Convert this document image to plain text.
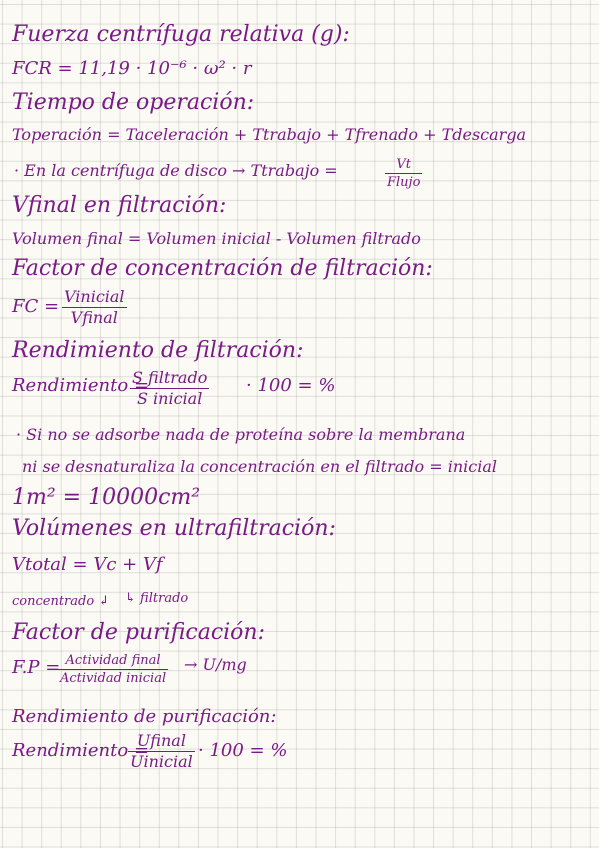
Fuerza centrífuga relativa (g):
FCR = 11,19 · 10⁻⁶ · ω² · r
Tiempo de operación:
Toperación = Taceleración + Ttrabajo + Tfrenado + Tdescarga
· En la centrífuga de disco → Ttrabajo =	Vt
Flujo
Vfinal en filtración:
Volumen final = Volumen inicial - Volumen filtrado
Factor de concentración de filtración:
FC = Vinicial
Vfinal
Rendimiento de filtración:
Rendimiento =
S filtrado
S inicial
· 100 = %
· Si no se adsorbe nada de proteína sobre la membrana
ni se desnaturaliza la concentración en el filtrado = inicial
1m² = 10000cm²
Volúmenes en ultrafiltración:
Vtotal = Vc + Vf
concentrado ↲ ↳ filtrado
Factor de purificación:
F.P = Actividad final
Actividad inicial
→ U/mg
Rendimiento de purificación:
Rendimiento =
Ufinal
Uinicial
· 100 = %
